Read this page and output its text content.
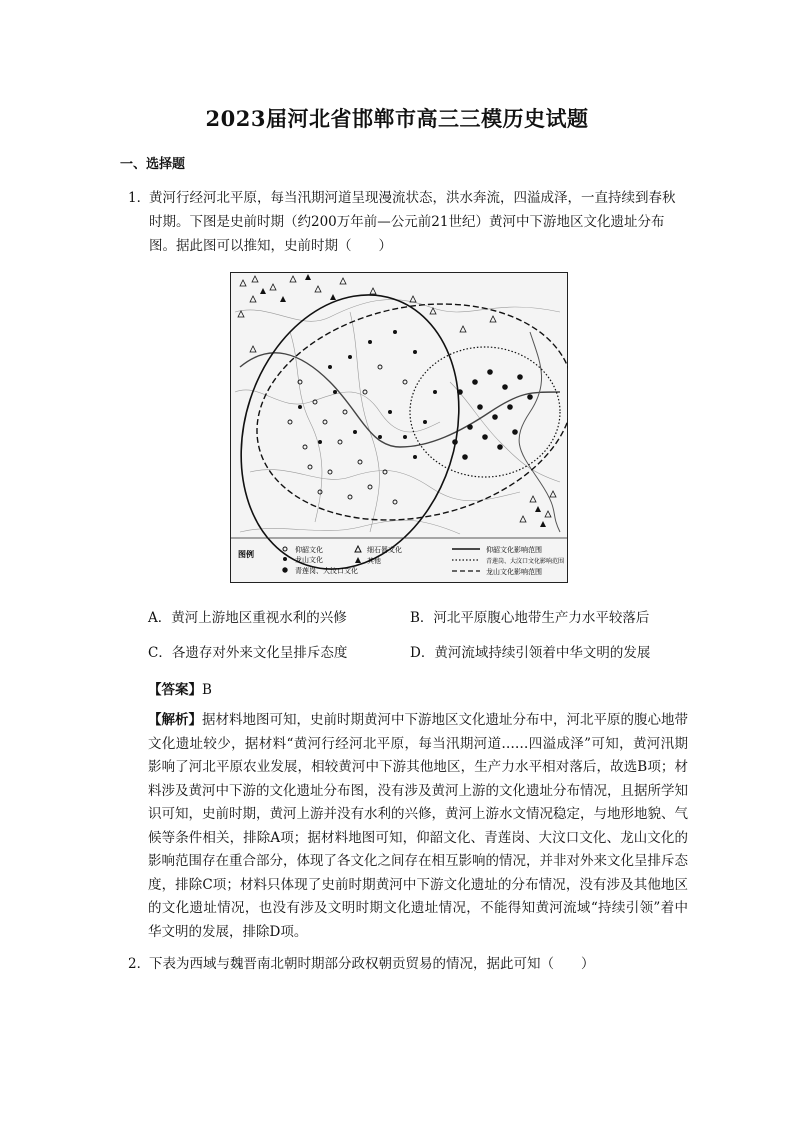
2023届河北省邯郸市高三三模历史试题
一、选择题
1．
黄河行经河北平原，每当汛期河道呈现漫流状态，洪水奔流，四溢成泽，一直持续到春秋时期。下图是史前时期（约200万年前—公元前21世纪）黄河中下游地区文化遗址分布图。据此图可以推知，史前时期（　　）
图例	仰韶文化
龙山文化
青莲岗、大汶口文化
细石器文化
其他
仰韶文化影响范围
青莲岗、大汶口文化影响范围
龙山文化影响范围
A．黄河上游地区重视水利的兴修	B．河北平原腹心地带生产力水平较落后
C．各遗存对外来文化呈排斥态度	D．黄河流域持续引领着中华文明的发展
【答案】B
【解析】据材料地图可知，史前时期黄河中下游地区文化遗址分布中，河北平原的腹心地带文化遗址较少，据材料“黄河行经河北平原，每当汛期河道……四溢成泽”可知，黄河汛期影响了河北平原农业发展，相较黄河中下游其他地区，生产力水平相对落后，故选B项；材料涉及黄河中下游的文化遗址分布图，没有涉及黄河上游的文化遗址分布情况，且据所学知识可知，史前时期，黄河上游并没有水利的兴修，黄河上游水文情况稳定，与地形地貌、气候等条件相关，排除A项；据材料地图可知，仰韶文化、青莲岗、大汶口文化、龙山文化的影响范围存在重合部分，体现了各文化之间存在相互影响的情况，并非对外来文化呈排斥态度，排除C项；材料只体现了史前时期黄河中下游文化遗址的分布情况，没有涉及其他地区的文化遗址情况，也没有涉及文明时期文化遗址情况，不能得知黄河流域“持续引领”着中华文明的发展，排除D项。
2．
下表为西域与魏晋南北朝时期部分政权朝贡贸易的情况，据此可知（　　）
